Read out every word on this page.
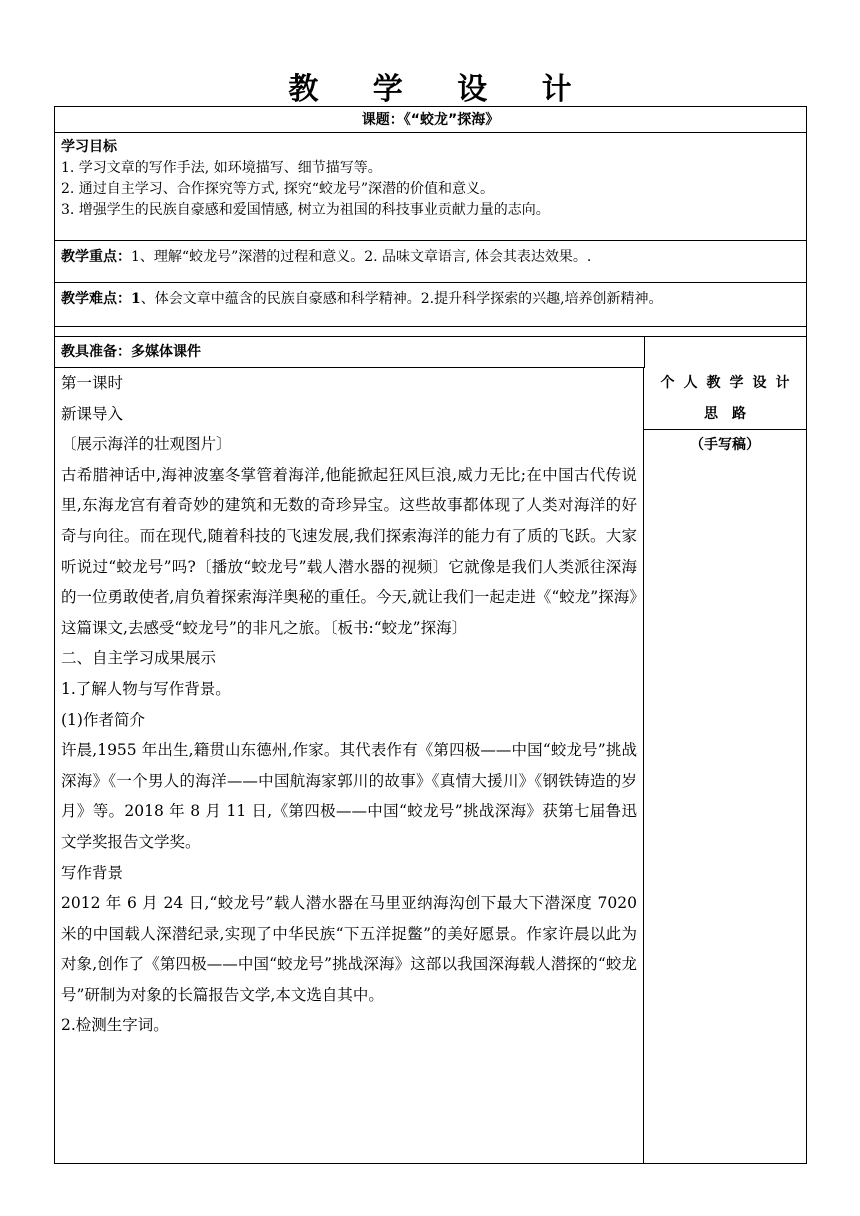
教 学 设 计
课题：《“蛟龙”探海》
学习目标
1. 学习文章的写作手法, 如环境描写、细节描写等。
2. 通过自主学习、合作探究等方式, 探究“蛟龙号”深潜的价值和意义。
3. 增强学生的民族自豪感和爱国情感, 树立为祖国的科技事业贡献力量的志向。
教学重点：1、理解“蛟龙号”深潜的过程和意义。2. 品味文章语言, 体会其表达效果。.
教学难点：1、体会文章中蕴含的民族自豪感和科学精神。2.提升科学探索的兴趣,培养创新精神。
教具准备：多媒体课件

第一课时

新课导入

〔展示海洋的壮观图片〕

古希腊神话中,海神波塞冬掌管着海洋,他能掀起狂风巨浪,威力无比;在中国古代传说里,东海龙宫有着奇妙的建筑和无数的奇珍异宝。这些故事都体现了人类对海洋的好奇与向往。而在现代,随着科技的飞速发展,我们探索海洋的能力有了质的飞跃。大家听说过“蛟龙号”吗?〔播放“蛟龙号”载人潜水器的视频〕它就像是我们人类派往深海的一位勇敢使者,肩负着探索海洋奥秘的重任。今天,就让我们一起走进《“蛟龙”探海》这篇课文,去感受“蛟龙号”的非凡之旅。〔板书:“蛟龙”探海〕

二、自主学习成果展示

1.了解人物与写作背景。

(1)作者简介

许晨,1955 年出生,籍贯山东德州,作家。其代表作有《第四极——中国“蛟龙号”挑战深海》《一个男人的海洋——中国航海家郭川的故事》《真情大援川》《钢铁铸造的岁月》等。2018 年 8 月 11 日,《第四极——中国“蛟龙号”挑战深海》获第七届鲁迅文学奖报告文学奖。

写作背景

2012 年 6 月 24 日,“蛟龙号”载人潜水器在马里亚纳海沟创下最大下潜深度 7020 米的中国载人深潜纪录,实现了中华民族“下五洋捉鳖”的美好愿景。作家许晨以此为对象,创作了《第四极——中国“蛟龙号”挑战深海》这部以我国深海载人潜探的“蛟龙号”研制为对象的长篇报告文学,本文选自其中。

2.检测生字词。

个人教学设计
思路
（手写稿）
